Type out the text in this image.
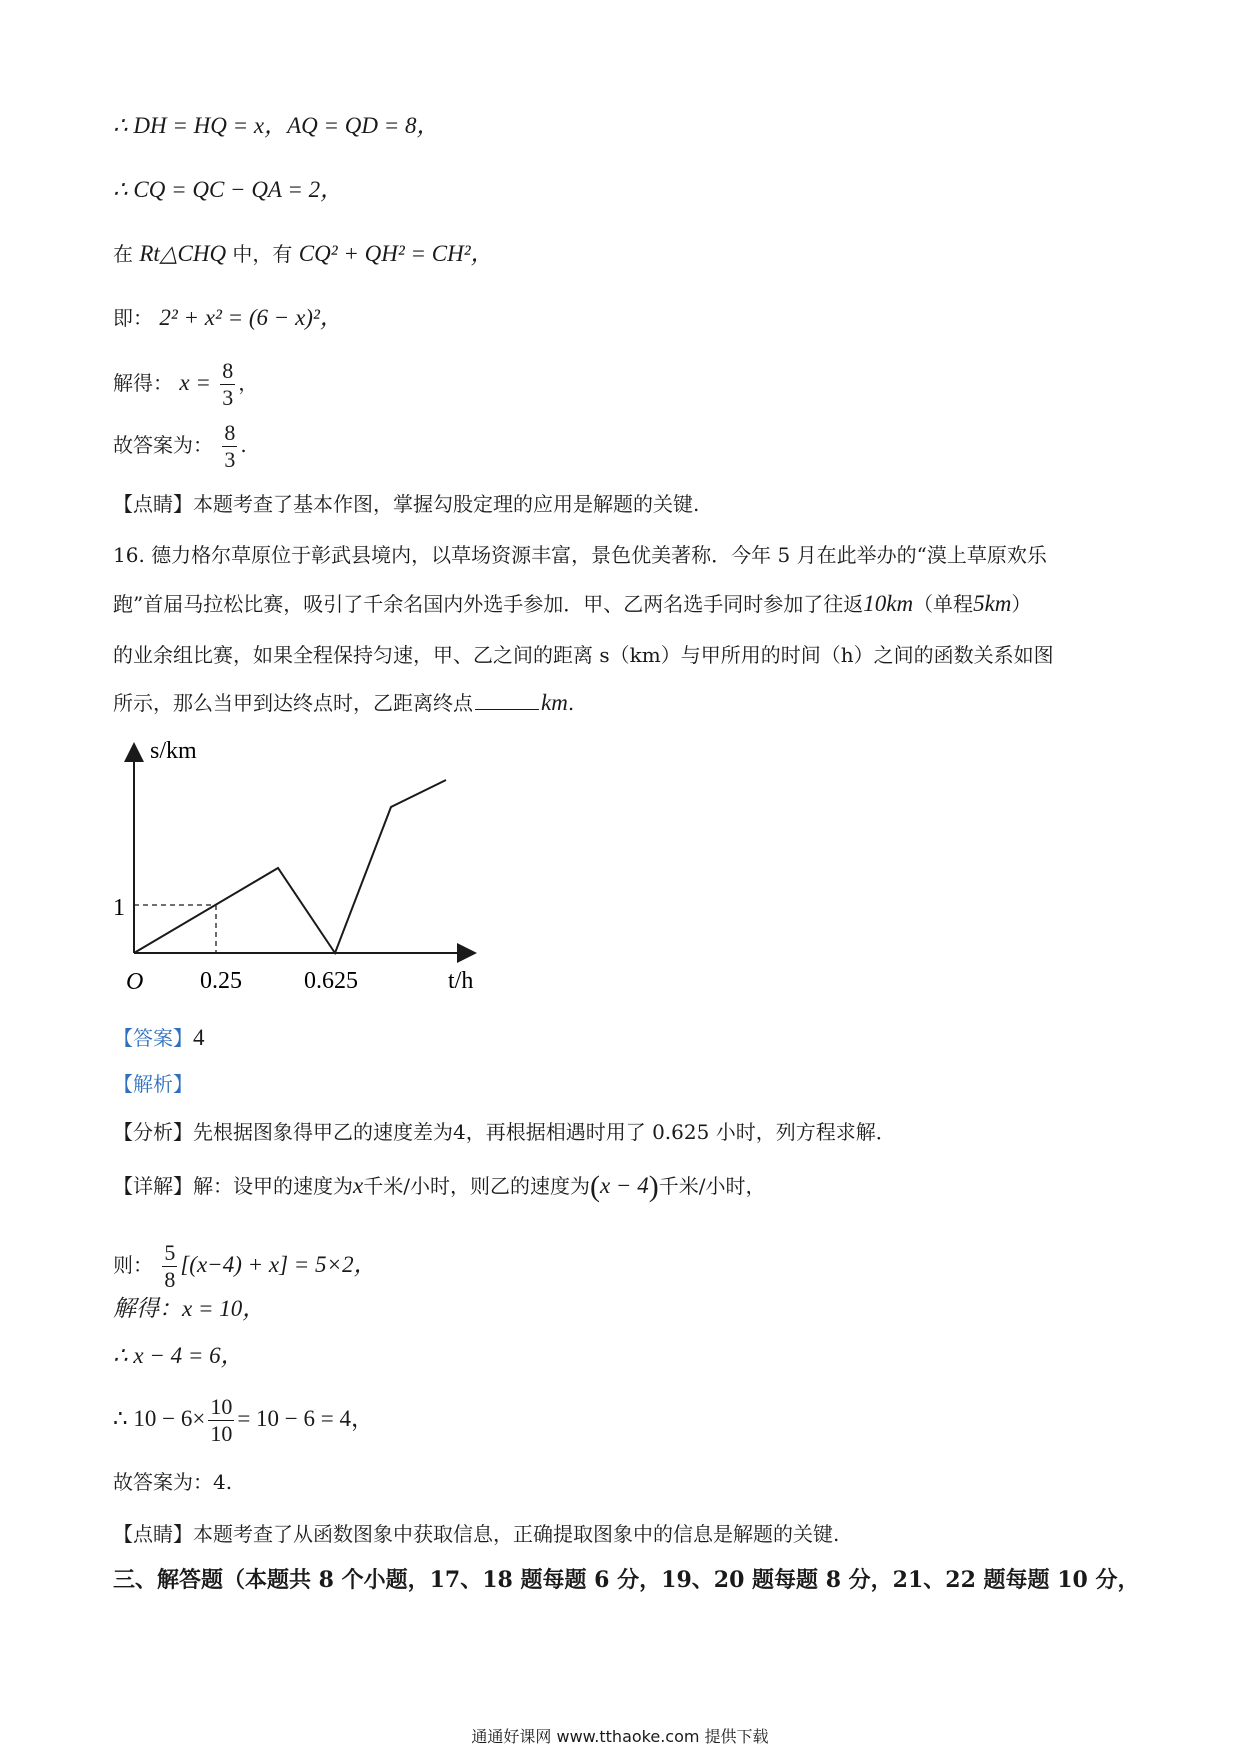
∴ DH = HQ = x，AQ = QD = 8，
∴ CQ = QC − QA = 2，
在 Rt△CHQ 中，有 CQ² + QH² = CH²，
即： 2² + x² = (6 − x)²，
解得： $x = \frac{8}{3}$ ，
故答案为： $\frac{8}{3}$ .
【点睛】本题考查了基本作图，掌握勾股定理的应用是解题的关键.
16. 德力格尔草原位于彰武县境内，以草场资源丰富，景色优美著称．今年 5 月在此举办的“漠上草原欢乐
跑”首届马拉松比赛，吸引了千余名国内外选手参加．甲、乙两名选手同时参加了往返10km（单程5km）
的业余组比赛，如果全程保持匀速，甲、乙之间的距离 s（km）与甲所用的时间（h）之间的函数关系如图
所示，那么当甲到达终点时，乙距离终点	km.
s/km
t/h
O
1
0.25	0.625
【答案】4
【解析】
【分析】先根据图象得甲乙的速度差为4，再根据相遇时用了 0.625 小时，列方程求解．
【详解】解：设甲的速度为x千米/小时，则乙的速度为(x − 4)千米/小时，
则： $\frac{5}{8} [(x-4) + x] = 5\times 2$，
解得：x = 10，
∴ x − 4 = 6，
∴ $10 - 6\times \frac{10}{10} = 10 - 6 = 4$，
故答案为：4.
【点睛】本题考查了从函数图象中获取信息，正确提取图象中的信息是解题的关键.
三、解答题（本题共 8 个小题，17、18 题每题 6 分，19、20 题每题 8 分，21、22 题每题 10 分，
通通好课网 www.tthaoke.com 提供下载
